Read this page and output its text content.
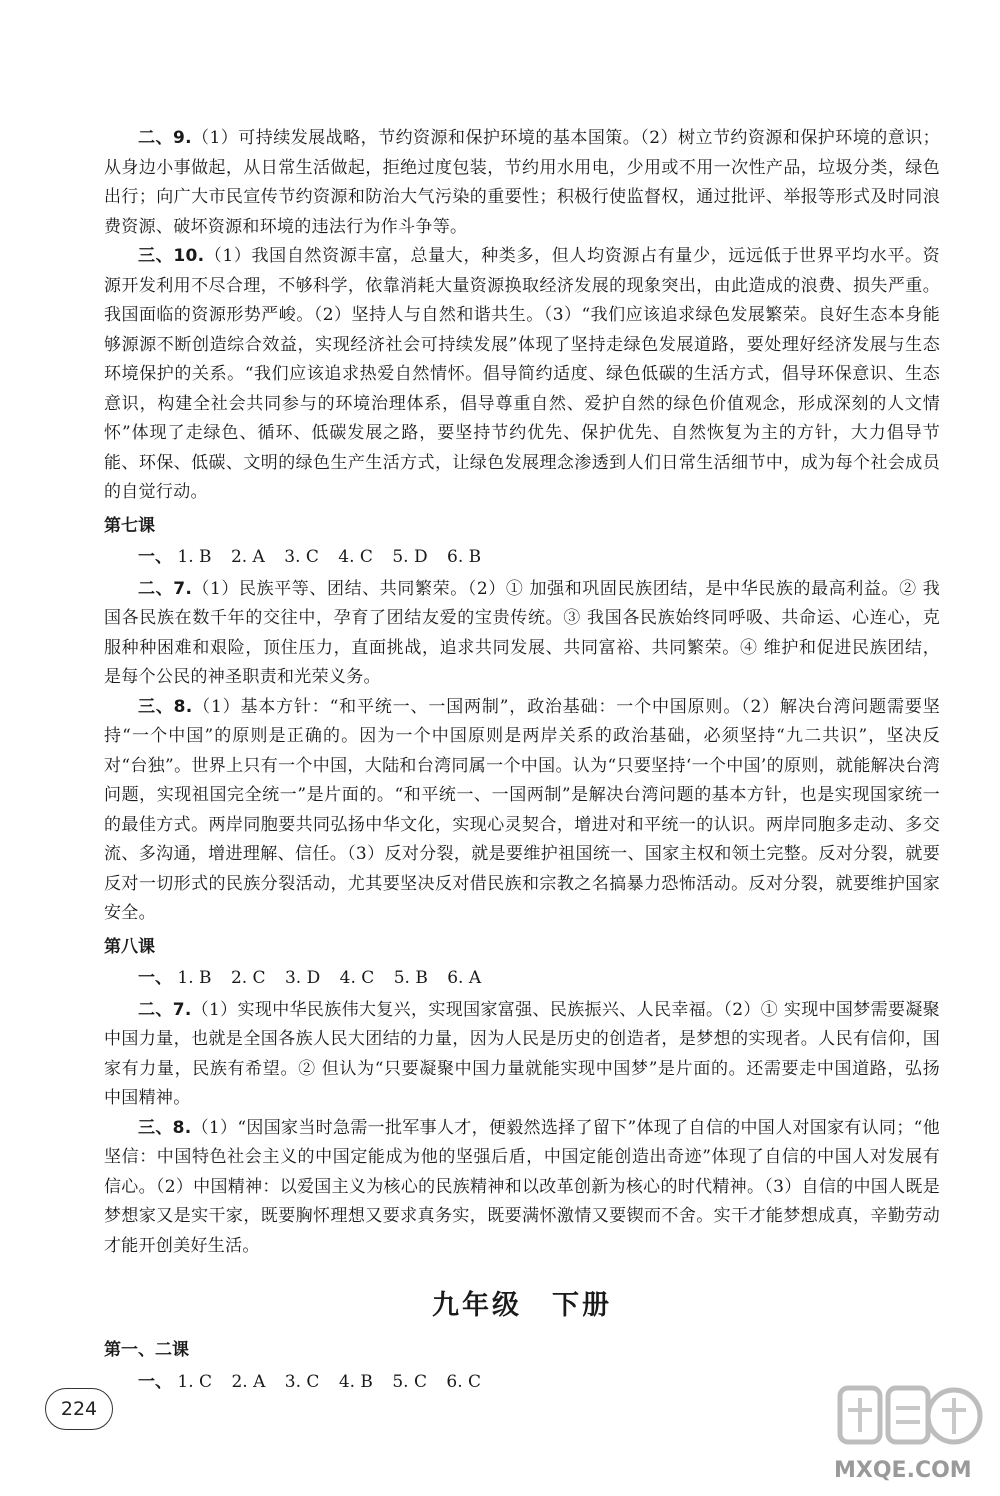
二、9.（1）可持续发展战略，节约资源和保护环境的基本国策。（2）树立节约资源和保护环境的意识；从身边小事做起，从日常生活做起，拒绝过度包装，节约用水用电，少用或不用一次性产品，垃圾分类，绿色出行；向广大市民宣传节约资源和防治大气污染的重要性；积极行使监督权，通过批评、举报等形式及时同浪费资源、破坏资源和环境的违法行为作斗争等。

三、10.（1）我国自然资源丰富，总量大，种类多，但人均资源占有量少，远远低于世界平均水平。资源开发利用不尽合理，不够科学，依靠消耗大量资源换取经济发展的现象突出，由此造成的浪费、损失严重。我国面临的资源形势严峻。（2）坚持人与自然和谐共生。（3）“我们应该追求绿色发展繁荣。良好生态本身能够源源不断创造综合效益，实现经济社会可持续发展”体现了坚持走绿色发展道路，要处理好经济发展与生态环境保护的关系。“我们应该追求热爱自然情怀。倡导简约适度、绿色低碳的生活方式，倡导环保意识、生态意识，构建全社会共同参与的环境治理体系，倡导尊重自然、爱护自然的绿色价值观念，形成深刻的人文情怀”体现了走绿色、循环、低碳发展之路，要坚持节约优先、保护优先、自然恢复为主的方针，大力倡导节能、环保、低碳、文明的绿色生产生活方式，让绿色发展理念渗透到人们日常生活细节中，成为每个社会成员的自觉行动。

第七课
一、 1. B 2. A 3. C 4. C 5. D 6. B

二、7.（1）民族平等、团结、共同繁荣。（2）① 加强和巩固民族团结，是中华民族的最高利益。② 我国各民族在数千年的交往中，孕育了团结友爱的宝贵传统。③ 我国各民族始终同呼吸、共命运、心连心，克服种种困难和艰险，顶住压力，直面挑战，追求共同发展、共同富裕、共同繁荣。④ 维护和促进民族团结，是每个公民的神圣职责和光荣义务。

三、8.（1）基本方针：“和平统一、一国两制”，政治基础：一个中国原则。（2）解决台湾问题需要坚持“一个中国”的原则是正确的。因为一个中国原则是两岸关系的政治基础，必须坚持“九二共识”，坚决反对“台独”。世界上只有一个中国，大陆和台湾同属一个中国。认为“只要坚持‘一个中国’的原则，就能解决台湾问题，实现祖国完全统一”是片面的。“和平统一、一国两制”是解决台湾问题的基本方针，也是实现国家统一的最佳方式。两岸同胞要共同弘扬中华文化，实现心灵契合，增进对和平统一的认识。两岸同胞多走动、多交流、多沟通，增进理解、信任。（3）反对分裂，就是要维护祖国统一、国家主权和领土完整。反对分裂，就要反对一切形式的民族分裂活动，尤其要坚决反对借民族和宗教之名搞暴力恐怖活动。反对分裂，就要维护国家安全。

第八课
一、 1. B 2. C 3. D 4. C 5. B 6. A

二、7.（1）实现中华民族伟大复兴，实现国家富强、民族振兴、人民幸福。（2）① 实现中国梦需要凝聚中国力量，也就是全国各族人民大团结的力量，因为人民是历史的创造者，是梦想的实现者。人民有信仰，国家有力量，民族有希望。② 但认为“只要凝聚中国力量就能实现中国梦”是片面的。还需要走中国道路，弘扬中国精神。

三、8.（1）“因国家当时急需一批军事人才，便毅然选择了留下”体现了自信的中国人对国家有认同；“他坚信：中国特色社会主义的中国定能成为他的坚强后盾，中国定能创造出奇迹”体现了自信的中国人对发展有信心。（2）中国精神：以爱国主义为核心的民族精神和以改革创新为核心的时代精神。（3）自信的中国人既是梦想家又是实干家，既要胸怀理想又要求真务实，既要满怀激情又要锲而不舍。实干才能梦想成真，辛勤劳动才能开创美好生活。

九年级　下册
第一、二课
一、 1. C 2. A 3. C 4. B 5. C 6. C
224
MXQE.COM
